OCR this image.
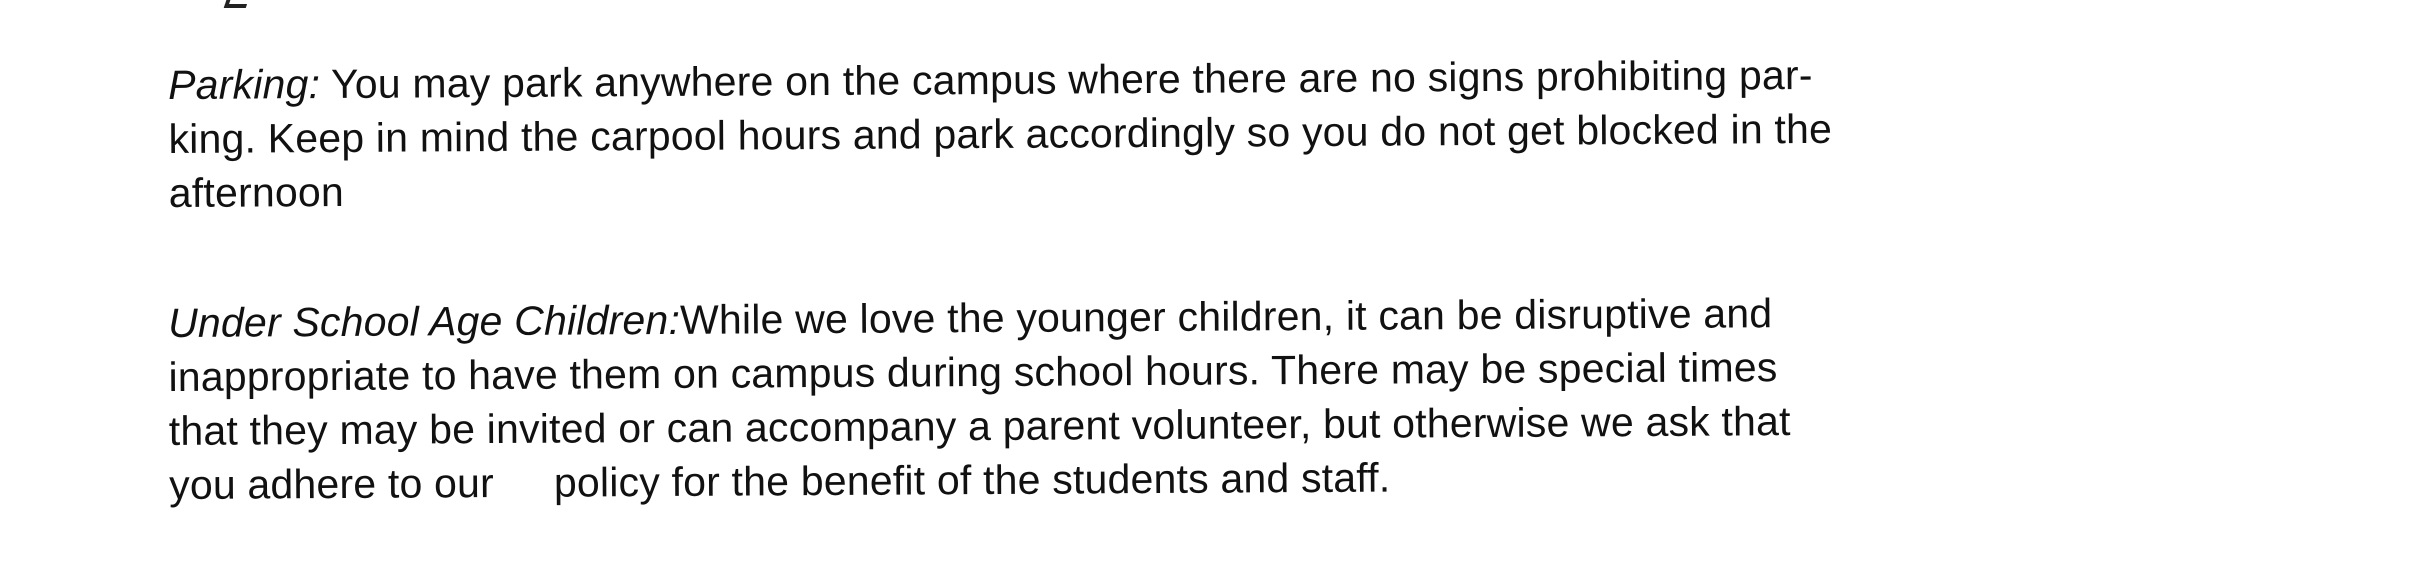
Parking: You may park anywhere on the campus where there are no signs prohibiting par-
king. Keep in mind the carpool hours and park accordingly so you do not get blocked in the
afternoon
Under School Age Children:While we love the younger children, it can be disruptive and
inappropriate to have them on campus during school hours. There may be special times
that they may be invited or can accompany a parent volunteer, but otherwise we ask that
you adhere to our policy for the benefit of the students and staff.
